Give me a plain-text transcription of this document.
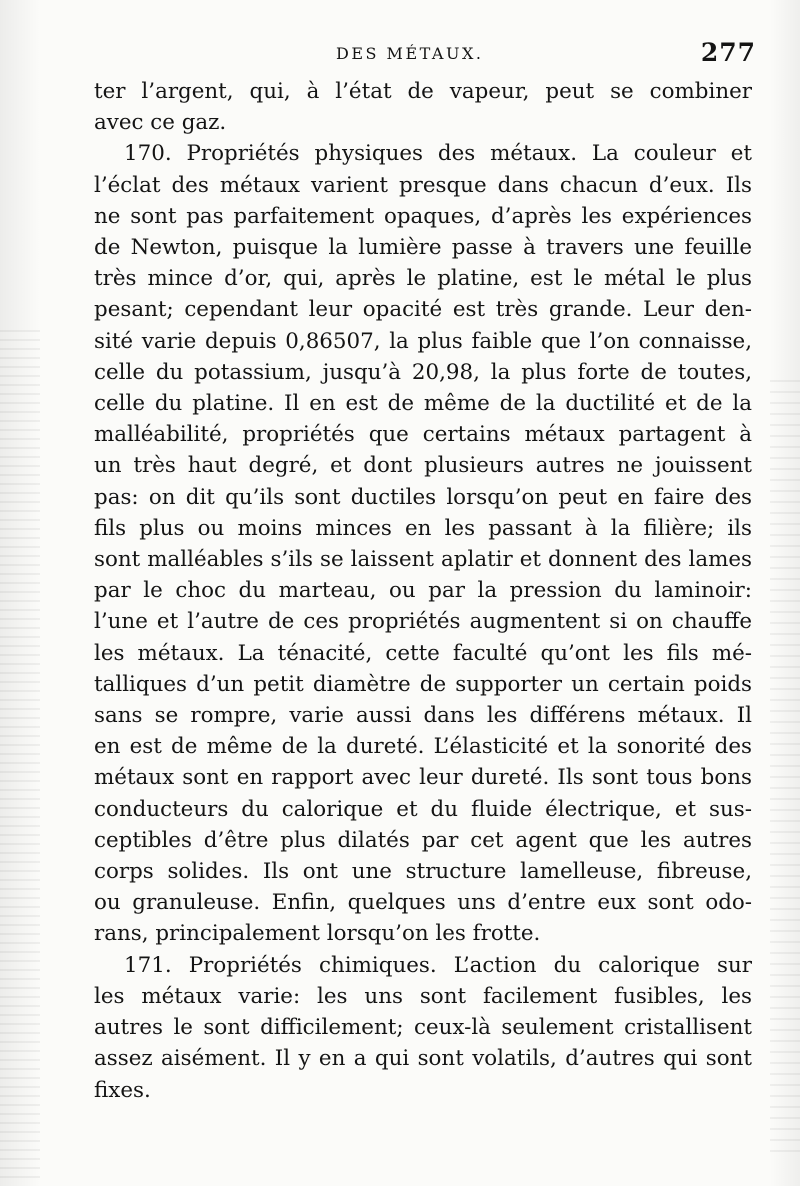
DES MÉTAUX.	277

ter l’argent, qui, à l’état de vapeur, peut se combiner
avec ce gaz.

170. Propriétés physiques des métaux. La couleur et
l’éclat des métaux varient presque dans chacun d’eux. Ils
ne sont pas parfaitement opaques, d’après les expériences
de Newton, puisque la lumière passe à travers une feuille
très mince d’or, qui, après le platine, est le métal le plus
pesant; cependant leur opacité est très grande. Leur den-
sité varie depuis 0,86507, la plus faible que l’on connaisse,
celle du potassium, jusqu’à 20,98, la plus forte de toutes,
celle du platine. Il en est de même de la ductilité et de la
malléabilité, propriétés que certains métaux partagent à
un très haut degré, et dont plusieurs autres ne jouissent
pas: on dit qu’ils sont ductiles lorsqu’on peut en faire des
fils plus ou moins minces en les passant à la filière; ils
sont malléables s’ils se laissent aplatir et donnent des lames
par le choc du marteau, ou par la pression du laminoir:
l’une et l’autre de ces propriétés augmentent si on chauffe
les métaux. La ténacité, cette faculté qu’ont les fils mé-
talliques d’un petit diamètre de supporter un certain poids
sans se rompre, varie aussi dans les différens métaux. Il
en est de même de la dureté. L’élasticité et la sonorité des
métaux sont en rapport avec leur dureté. Ils sont tous bons
conducteurs du calorique et du fluide électrique, et sus-
ceptibles d’être plus dilatés par cet agent que les autres
corps solides. Ils ont une structure lamelleuse, fibreuse,
ou granuleuse. Enfin, quelques uns d’entre eux sont odo-
rans, principalement lorsqu’on les frotte.

171. Propriétés chimiques. L’action du calorique sur
les métaux varie: les uns sont facilement fusibles, les
autres le sont difficilement; ceux-là seulement cristallisent
assez aisément. Il y en a qui sont volatils, d’autres qui sont
fixes.
